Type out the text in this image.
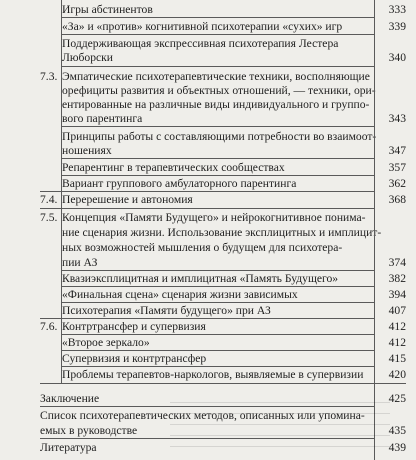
Игры абстинентов	333
«За» и «против» когнитивной психотерапии «сухих» игр	339
Поддерживающая экспрессивная психотерапия Лестера
Люборски	340
7.3. Эмпатические психотерапевтические техники, восполняющие
орефициты развития и объектных отношений, — техники, ори-
ентированные на различные виды индивидуального и группо-
вого парентинга	343
Принципы работы с составляющими потребности во взаимоот-
ношениях	347
Репарентинг в терапевтических сообществах	357
Вариант группового амбулаторного парентинга	362
7.4. Перерешение и автономия	368
7.5. Концепция «Памяти Будущего» и нейрокогнитивное понима-
ние сценария жизни. Использование эксплицитных и имплицит-
ных возможностей мышления о будущем для психотера-
пии АЗ	374
Квазиэксплицитная и имплицитная «Память Будущего»	382
«Финальная сцена» сценария жизни зависимых	394
Психотерапия «Памяти будущего» при АЗ	407
7.6. Контртрансфер и супервизия	412
«Второе зеркало»	412
Супервизия и контртрансфер	415
Проблемы терапевтов-наркологов, выявляемые в супервизии	420
Заключение	425
Список психотерапевтических методов, описанных или упомина-
емых в руководстве	435
Литература	439
